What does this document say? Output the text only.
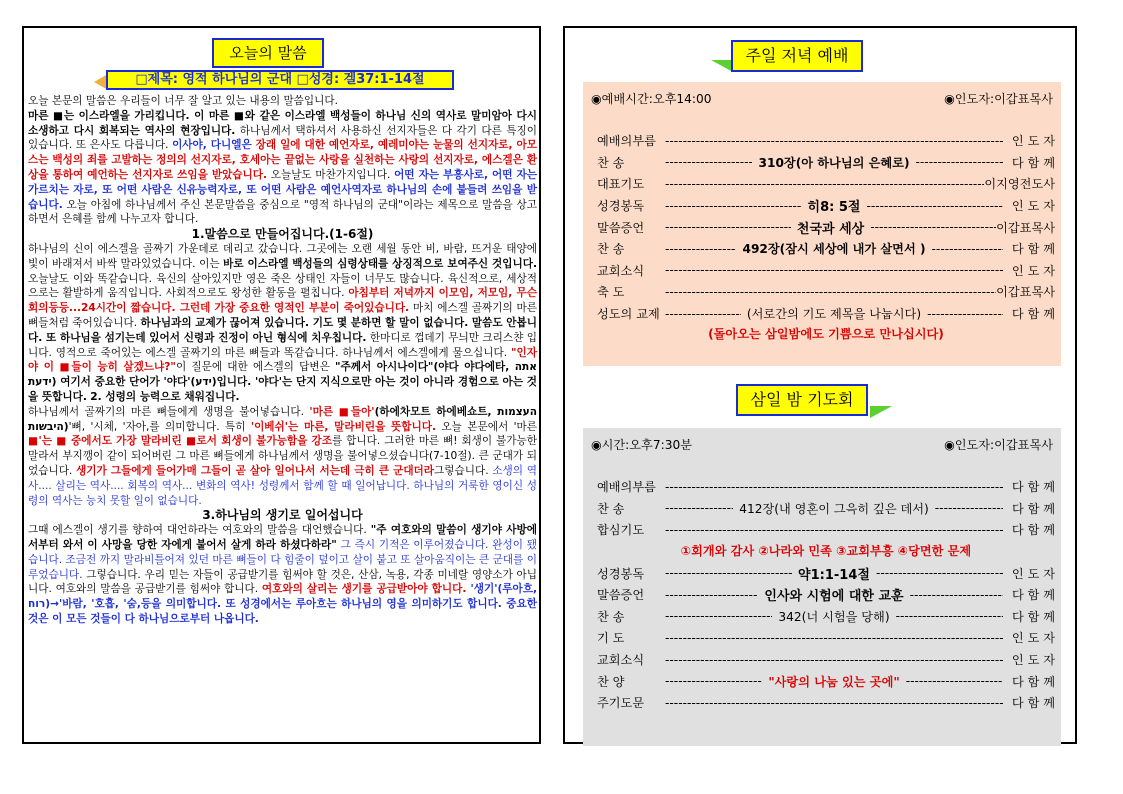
오늘의 말씀
□제목: 영적 하나님의 군대 □성경: 겔37:1-14절

오늘 본문의 말씀은 우리들이 너무 잘 알고 있는 내용의 말씀입니다.

마른 ■는 이스라엘을 가리킵니다. 이 마른 ■와 같은 이스라엘 백성들이 하나님 신의 역사로 말미암아 다시 소생하고 다시 회복되는 역사의 현장입니다. 하나님께서 택하셔서 사용하신 선지자들은 다 각기 다른 특징이 있습니다. 또 은사도 다릅니다. 이사야, 다니엘은 장래 일에 대한 예언자로, 예레미야는 눈물의 선지자로, 아모스는 백성의 죄를 고발하는 정의의 선지자로, 호세아는 끝없는 사랑을 실천하는 사랑의 선지자로, 에스겔은 환상을 통하여 예언하는 선지자로 쓰임을 받았습니다. 오늘날도 마찬가지입니다. 어떤 자는 부흥사로, 어떤 자는 가르치는 자로, 또 어떤 사람은 신유능력자로, 또 어떤 사람은 예언사역자로 하나님의 손에 붙들려 쓰임을 받습니다. 오늘 아침에 하나님께서 주신 본문말씀을 중심으로 "영적 하나님의 군대"이라는 제목으로 말씀을 상고하면서 은혜를 함께 나누고자 합니다.

1.말씀으로 만들어집니다.(1-6절)

하나님의 신이 에스겔을 골짜기 가운데로 데리고 갔습니다. 그곳에는 오랜 세월 동안 비, 바람, 뜨거운 태양에 빛이 바래져서 바싹 말라있었습니다. 이는 바로 이스라엘 백성들의 심령상태를 상징적으로 보여주신 것입니다. 오늘날도 이와 똑같습니다. 육신의 살아있지만 영은 죽은 상태인 자들이 너무도 많습니다. 육신적으로, 세상적으로는 활발하게 움직입니다. 사회적으로도 왕성한 활동을 펼칩니다. 아침부터 저녁까지 이모임, 저모임, 무슨 회의등등...24시간이 짧습니다. 그런데 가장 중요한 영적인 부분이 죽어있습니다. 마치 에스겔 골짜기의 마른 뼈들처럼 죽어있습니다. 하나님과의 교제가 끊어져 있습니다. 기도 몇 분하면 할 말이 없습니다. 말씀도 안봅니다. 또 하나님을 섬기는데 있어서 신령과 진정이 아닌 형식에 치우칩니다. 한마디로 껍데기 무늬만 크리스챤 입니다. 영적으로 죽어있는 에스겔 골짜기의 마른 뼈들과 똑같습니다. 하나님께서 에스겔에게 물으십니다. "인자야 이 ■들이 능히 살겠느냐?"이 질문에 대한 에스겔의 답변은 "주께서 아시나이다"(야다 야다에타, אתה ידעת) 여기서 중요한 단어가 '야다'(ידע)입니다. '야다'는 단지 지식으로만 아는 것이 아니라 경험으로 아는 것을 뜻합니다. 2. 성령의 능력으로 채워집니다.

하나님께서 골짜기의 마른 뼈들에게 생명을 불어넣습니다. '마른 ■들아'(하에차모트 하에베쇼트, העצמות היבשות)'뼈, '시체, '자아,를 의미합니다. 특히 '이베쉬'는 마른, 말라비린을 뜻합니다. 오늘 본문에서 '마른 ■'는 ■ 중에서도 가장 말라비린 ■로서 회생이 불가능함을 강조를 합니다. 그러한 마른 뼈! 회생이 불가능한 말라서 부지깽이 같이 되어버린 그 마른 뼈들에게 하나님께서 생명을 불어넣으셨습니다(7-10절). 큰 군대가 되었습니다. 생기가 그들에게 들어가매 그들이 곧 살아 일어나서 서는데 극히 큰 군대더라그렇습니다. 소생의 역사.... 살리는 역사.... 회복의 역사... 변화의 역사! 성령께서 함께 할 때 일어납니다. 하나님의 거룩한 영이신 성령의 역사는 능치 못할 일이 없습니다.

3.하나님의 생기로 일어섭니다

그때 에스겔이 생기를 향하여 대언하라는 여호와의 말씀을 대언했습니다. "주 여호와의 말씀이 생기야 사방에서부터 와서 이 사망을 당한 자에게 붙어서 살게 하라 하셨다하라" 그 즉시 기적은 이루어졌습니다. 완성이 됐습니다. 조금전 까지 말라비틀어져 있던 마른 뼈들이 다 힘줄이 덮이고 살이 붙고 또 살아움직이는 큰 군대를 이루었습니다. 그렇습니다. 우리 믿는 자들이 공급받기를 힘써야 할 것은, 산삼, 녹용, 각종 미네랄 영양소가 아닙니다. 여호와의 말씀을 공급받기를 힘써야 합니다. 여호와의 살리는 생기를 공급받아야 합니다. '생기'(루아흐, רוח)→'바람, '호흡, '숨,등을 의미합니다. 또 성경에서는 루아흐는 하나님의 영을 의미하기도 합니다. 중요한 것은 이 모든 것들이 다 하나님으로부터 나옵니다.

주일 저녁 예배
◉예배시간:오후14:00	◉인도자:이갑표목사
예배의부름 -----	인 도 자
찬 송 -----	310장(아 하나님의 은혜로) -----	다 함 께
대표기도 -----	이지영전도사
성경봉독 -----	히8: 5절 -----	인 도 자
말씀증언 -----	천국과 세상 -----	이갑표목사
찬 송 -----	492장(잠시 세상에 내가 살면서 ) -----	다 함 께
교회소식 -----	인 도 자
축 도 -----	이갑표목사
성도의 교제 -----	(서로간의 기도 제목을 나눕시다) -----	다 함 께
(돌아오는 삼일밤에도 기쁨으로 만나십시다)
삼일 밤 기도회
◉시간:오후7:30분	◉인도자:이갑표목사
예배의부름 -----	다 함 께
찬 송 -----	412장(내 영혼이 그윽히 깊은 데서) -----	다 함 께
합심기도 -----	다 함 께
①회개와 감사 ②나라와 민족 ③교회부흥 ④당면한 문제
성경봉독 -----	약1:1-14절 -----	인 도 자
말씀증언 -----	인사와 시험에 대한 교훈 -----	다 함 께
찬 송 -----	342(너 시험을 당해) -----	다 함 께
기 도 -----	인 도 자
교회소식 -----	인 도 자
찬 양 -----	"사랑의 나눔 있는 곳에" -----	다 함 께
주기도문 -----	다 함 께
